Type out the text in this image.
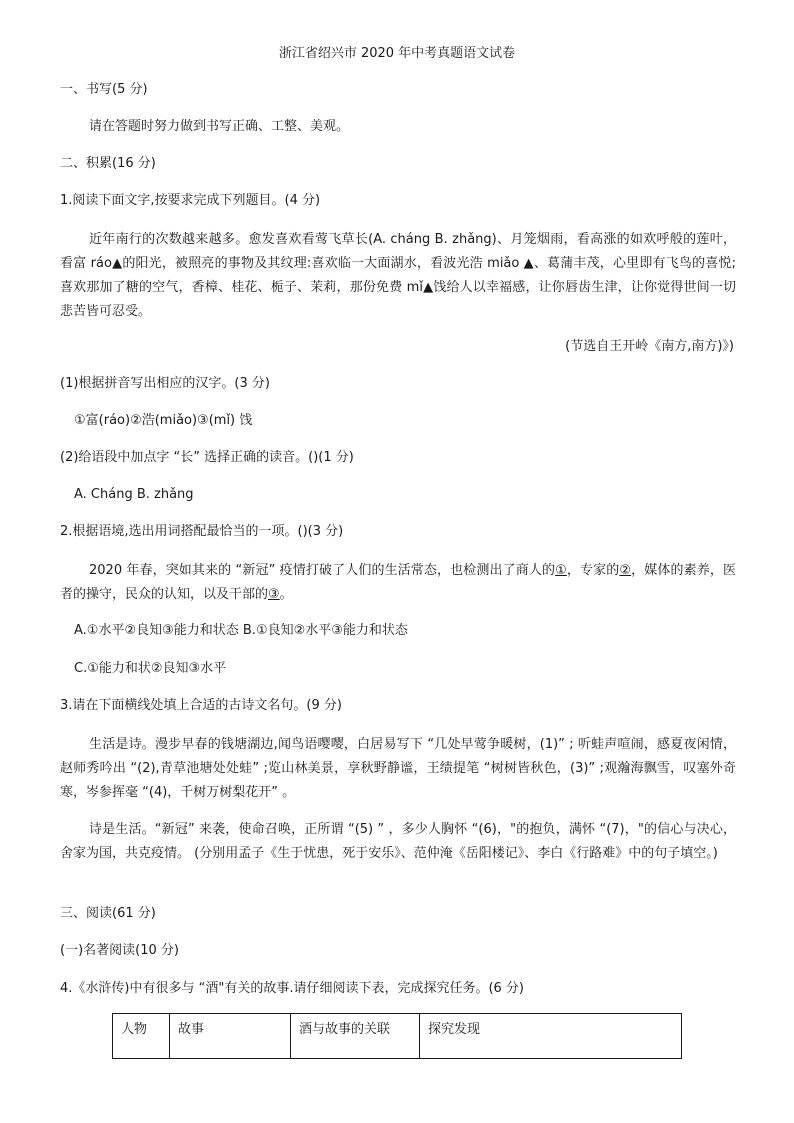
浙江省绍兴市 2020 年中考真题语文试卷
一、书写(5 分)
请在答题时努力做到书写正确、工整、美观。
二、积累(16 分)
1.阅读下面文字,按要求完成下列题目。(4 分)
近年南行的次数越来越多。愈发喜欢看莺飞草长(A. cháng B. zhǎng)、月笼烟雨，看高涨的如欢呼般的莲叶，看富 ráo▲的阳光，被照亮的事物及其纹理:喜欢临一大面湖水，看波光浩 miǎo ▲、葛蒲丰茂，心里即有飞鸟的喜悦;喜欢那加了糖的空气，香樟、桂花、栀子、茉莉，那份免费 mǐ▲饯给人以幸福感，让你唇齿生津，让你觉得世间一切悲苦皆可忍受。
(节选自王开岭《南方,南方)》)
(1)根据拼音写出相应的汉字。(3 分)
①富(ráo)②浩(miǎo)③(mǐ) 饯
(2)给语段中加点字 “长” 选择正确的读音。()(1 分)
A. Cháng B. zhǎng
2.根据语境,选出用词搭配最恰当的一项。()(3 分)
2020 年春，突如其来的 “新冠” 疫情打破了人们的生活常态，也检测出了商人的①，专家的②，媒体的素养，医者的操守，民众的认知，以及干部的③。
A.①水平②良知③能力和状态 B.①良知②水平③能力和状态
C.①能力和状②良知③水平
3.请在下面横线处填上合适的古诗文名句。(9 分)
生活是诗。漫步早春的钱塘湖边,闻鸟语嘤嘤，白居易写下 “几处早莺争暖树，(1)” ; 听蛙声喧闹，感夏夜闲情，赵师秀吟出 “(2),青草池塘处处蛙” ;览山林美景，享秋野静谧，王绩提笔 “树树皆秋色，(3)” ;观瀚海飘雪，叹塞外奇寒，岑参挥毫 “(4)，千树万树梨花开” 。
诗是生活。“新冠” 来袭，使命召唤，正所谓 “(5) ” ，多少人胸怀 “(6)，"的抱负，满怀 “(7)，"的信心与决心，舍家为国，共克疫情。 (分别用孟子《生于忧患，死于安乐》、范仲淹《岳阳楼记》、李白《行路难》中的句子填空。)
三、阅读(61 分)
(一)名著阅读(10 分)
4.《水浒传)中有很多与 “酒"有关的故事.请仔细阅读下表，完成探究任务。(6 分)
人物	故事	酒与故事的关联	探究发现
